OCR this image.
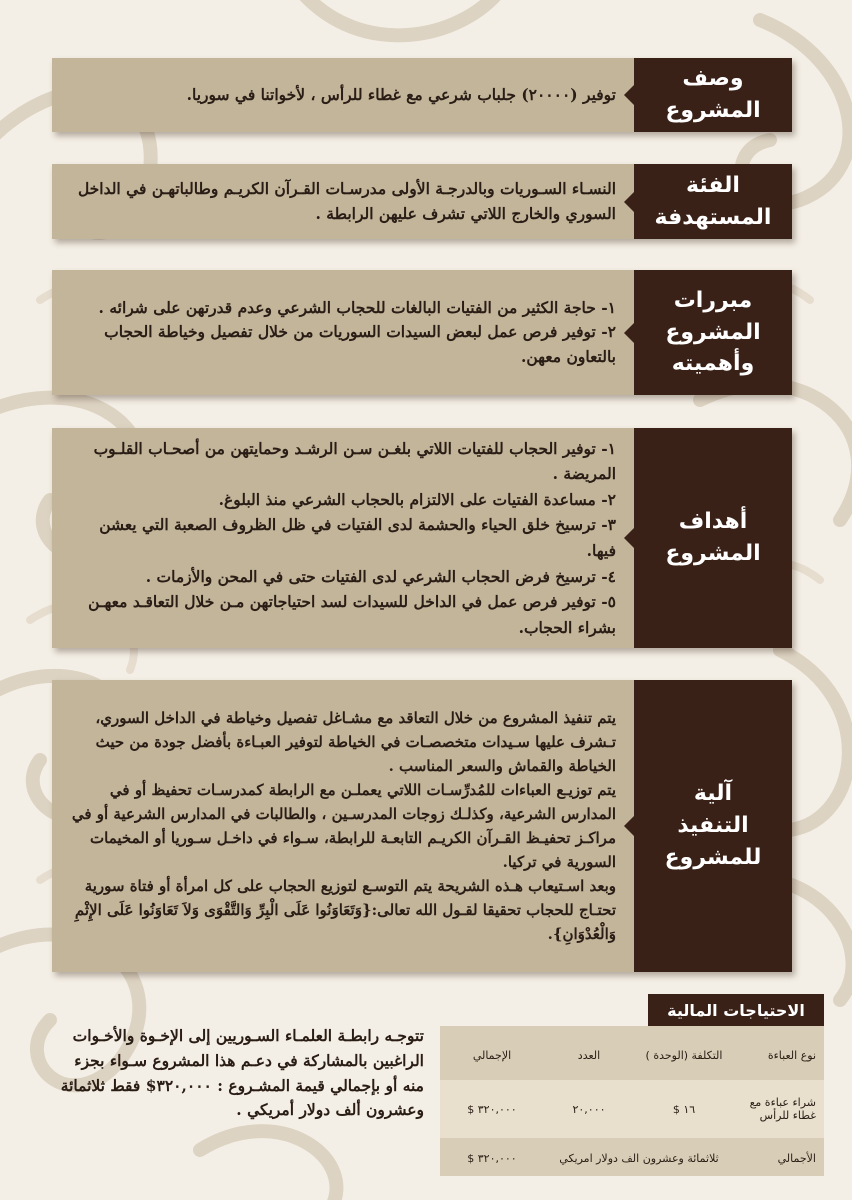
وصف المشروع

توفير (٢٠٠٠٠) جلباب شرعي مع غطاء للرأس ، لأخواتنا في سوريا.

الفئة
المستهدفة

النسـاء السـوريات وبالدرجـة الأولى مدرسـات القـرآن الكريـم وطالباتهـن في الداخل السوري والخارج اللاتي تشرف عليهن الرابطة .

مبررات
المشروع
وأهميته

١- حاجة الكثير من الفتيات البالغات للحجاب الشرعي وعدم قدرتهن على شرائه .

٢- توفير فرص عمل لبعض السيدات السوريات من خلال تفصيل وخياطة الحجاب بالتعاون معهن.

أهداف
المشروع

١- توفير الحجاب للفتيات اللاتي بلغـن سـن الرشـد وحمايتهن من أصحـاب القلـوب المريضة .

٢- مساعدة الفتيات على الالتزام بالحجاب الشرعي منذ البلوغ.

٣- ترسيخ خلق الحياء والحشمة لدى الفتيات في ظل الظروف الصعبة التي يعشن فيها.

٤- ترسيخ فرض الحجاب الشرعي لدى الفتيات حتى في المحن والأزمات .

٥- توفير فرص عمل في الداخل للسيدات لسد احتياجاتهن مـن خلال التعاقـد معهـن بشراء الحجاب.

آلية
التنفيذ
للمشروع

يتم تنفيذ المشروع من خلال التعاقد مع مشـاغل تفصيل وخياطة في الداخل السوري، تـشرف عليها سـيدات متخصصـات في الخياطة لتوفير العبـاءة بأفضل جودة من حيث الخياطة والقماش والسعر المناسب .

يتم توزيـع العباءات للمُدرِّسـات اللاتي يعملـن مع الرابطة كمدرسـات تحفيظ أو في المدارس الشرعية، وكذلـك زوجات المدرسـين ، والطالبات في المدارس الشرعية أو في مراكـز تحفيـظ القـرآن الكريـم التابعـة للرابطة، سـواء في داخـل سـوريا أو المخيمات السورية في تركيا.

وبعد اسـتيعاب هـذه الشريحة يتم التوسـع لتوزيع الحجاب على كل امرأة أو فتاة سورية تحتـاج للحجاب تحقيقا لقـول الله تعالى:{وَتَعَاوَنُوا عَلَى الْبِرِّ وَالتَّقْوَى وَلاَ تَعَاوَنُوا عَلَى الإِثْمِ وَالْعُدْوَانِ}.

الاحتياجات المالية
نوع العباءة
التكلفة (الوحدة )
العدد
الإجمالي
شراء عباءة مع غطاء للرأس
١٦ $
٢٠,٠٠٠
٣٢٠,٠٠٠ $
الأجمالي
ثلاثمائة وعشرون الف دولار امريكي
٣٢٠,٠٠٠ $
تتوجـه رابطـة العلمـاء السـوريين إلى الإخـوة والأخـوات الراغبين بالمشاركة في دعـم هذا المشروع سـواء بجزء منه أو بإجمالي قيمة المشـروع : ٣٢٠,٠٠٠$ فقط ثلاثمائة وعشرون ألف دولار أمريكي .
